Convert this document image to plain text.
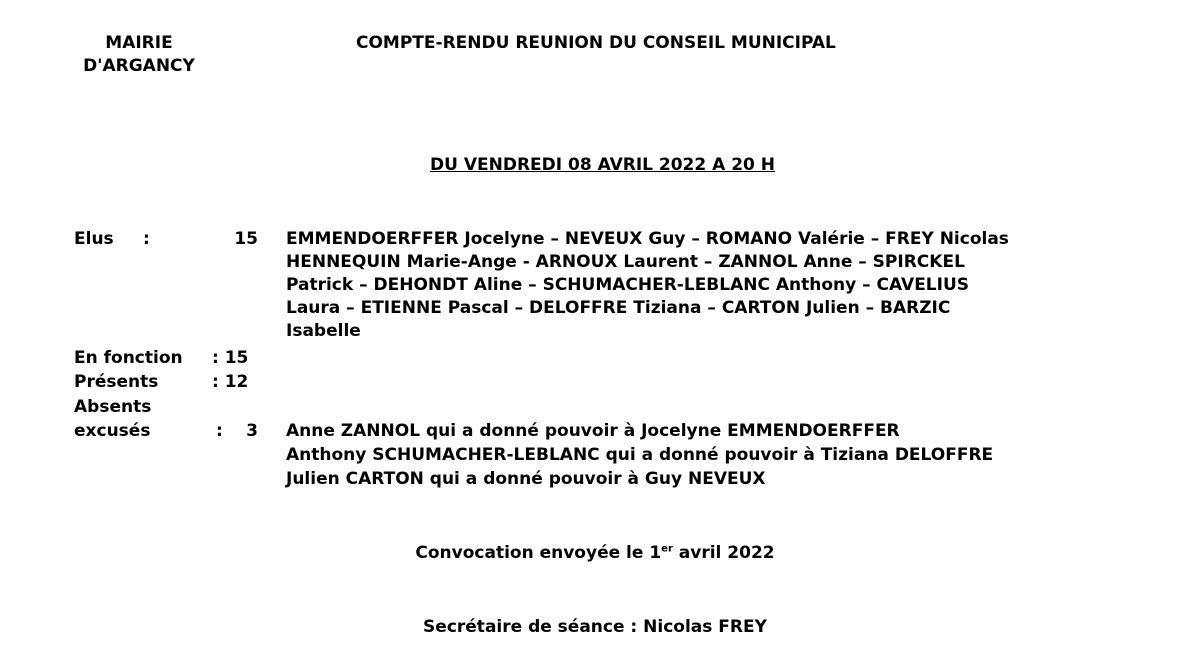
MAIRIE
D'ARGANCY
COMPTE-RENDU REUNION DU CONSEIL MUNICIPAL
DU VENDREDI 08 AVRIL 2022 A 20 H
Elus :	15 EMMENDOERFFER Jocelyne – NEVEUX Guy – ROMANO Valérie – FREY Nicolas
HENNEQUIN Marie-Ange - ARNOUX Laurent – ZANNOL Anne – SPIRCKEL
Patrick – DEHONDT Aline – SCHUMACHER-LEBLANC Anthony – CAVELIUS
Laura – ETIENNE Pascal – DELOFFRE Tiziana – CARTON Julien – BARZIC
Isabelle
En fonction : 15
Présents	: 12
Absents
excusés	:	3 Anne ZANNOL qui a donné pouvoir à Jocelyne EMMENDOERFFER
Anthony SCHUMACHER-LEBLANC qui a donné pouvoir à Tiziana DELOFFRE
Julien CARTON qui a donné pouvoir à Guy NEVEUX
Convocation envoyée le 1er avril 2022
Secrétaire de séance : Nicolas FREY
